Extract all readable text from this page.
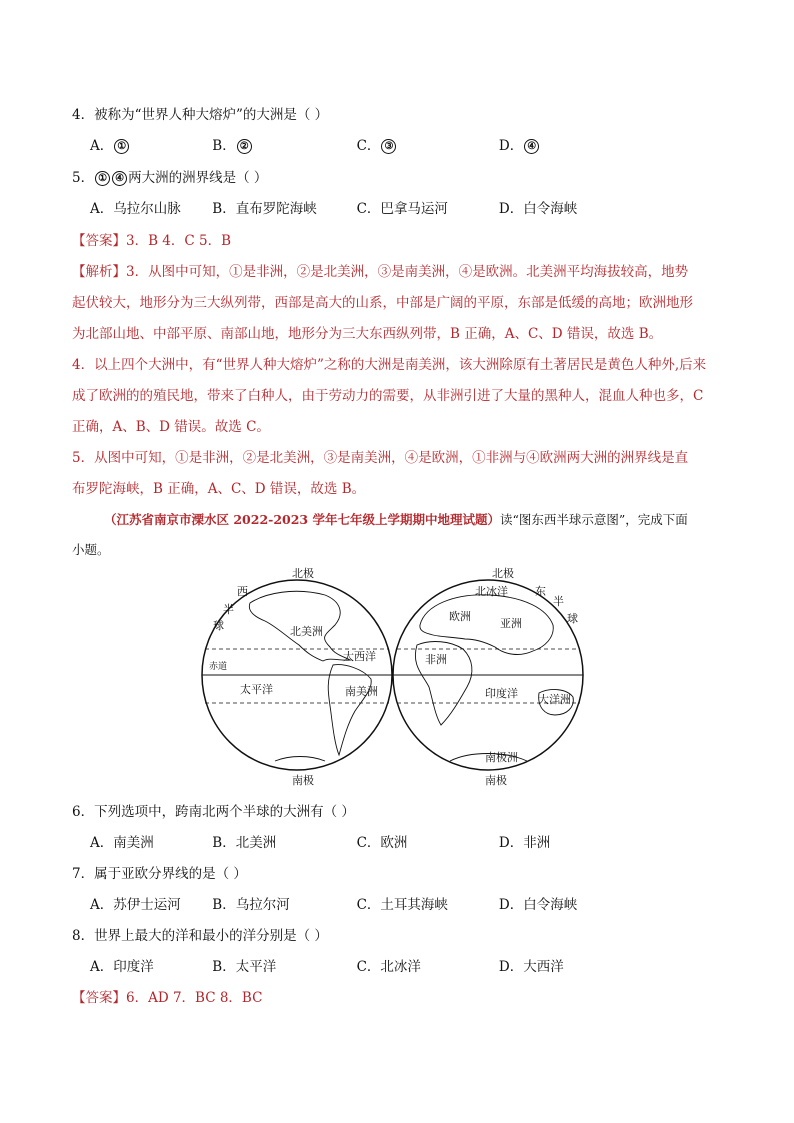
4．被称为“世界人种大熔炉”的大洲是（ ）
A． ①	B． ②	C． ③	D． ④
5． ① ④ 两大洲的洲界线是（ ）
A．乌拉尔山脉 B．直布罗陀海峡	C．巴拿马运河	D．白令海峡
【答案】3．B 4．C 5．B
【解析】3．从图中可知，①是非洲，②是北美洲，③是南美洲，④是欧洲。北美洲平均海拔较高，地势
起伏较大，地形分为三大纵列带，西部是高大的山系，中部是广阔的平原，东部是低缓的高地；欧洲地形
为北部山地、中部平原、南部山地，地形分为三大东西纵列带，B 正确，A、C、D 错误，故选 B。
4．以上四个大洲中，有“世界人种大熔炉”之称的大洲是南美洲，该大洲除原有土著居民是黄色人种外,后来
成了欧洲的的殖民地，带来了白种人，由于劳动力的需要，从非洲引进了大量的黑种人，混血人种也多，C
正确，A、B、D 错误。故选 C。
5．从图中可知，①是非洲，②是北美洲，③是南美洲，④是欧洲，①非洲与④欧洲两大洲的洲界线是直
布罗陀海峡，B 正确，A、C、D 错误，故选 B。
（江苏省南京市溧水区 2022-2023 学年七年级上学期期中地理试题）读“图东西半球示意图”，完成下面
小题。
北极
南极
西
半
球	北美洲
大西洋
赤道
太平洋	南美洲
北极
南极
东
半
球
北冰洋
欧洲
亚洲
非洲
印度洋 大洋洲
南极洲
6．下列选项中，跨南北两个半球的大洲有（ ）
A．南美洲	B．北美洲	C．欧洲	D．非洲
7．属于亚欧分界线的是（ ）
A．苏伊士运河 B．乌拉尔河	C．土耳其海峡	D．白令海峡
8．世界上最大的洋和最小的洋分别是（ ）
A．印度洋	B．太平洋	C．北冰洋	D．大西洋
【答案】6．AD 7．BC 8．BC
